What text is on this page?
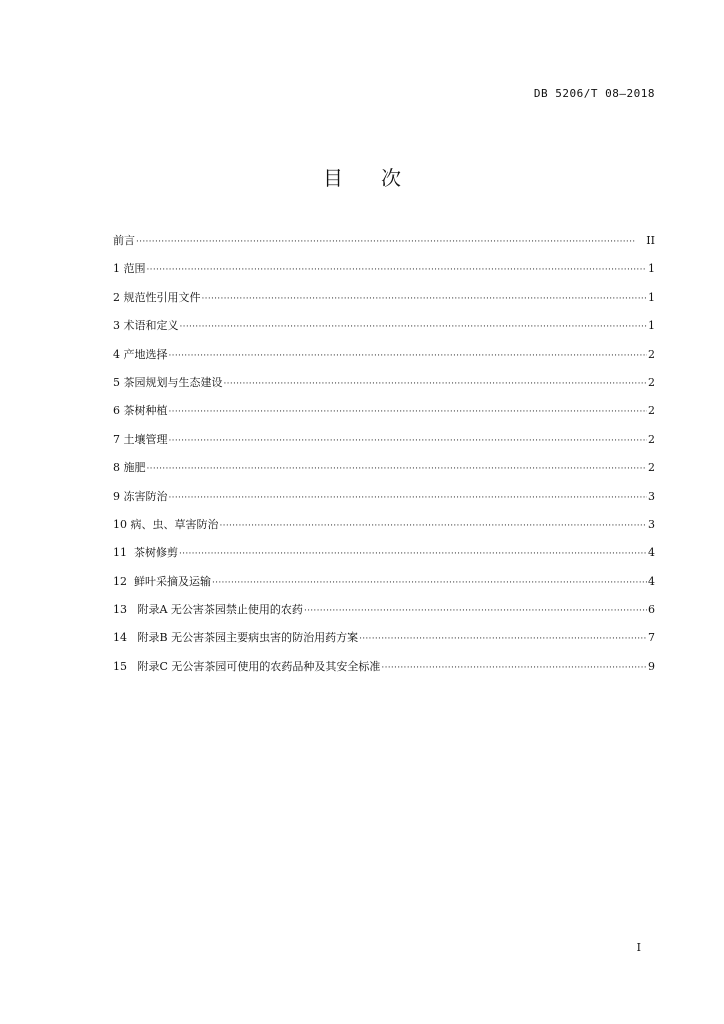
DB 5206/T 08—2018
目次
前言 ·····	II
1 范围 ·····	1
2 规范性引用文件 ·····	1
3 术语和定义 ·····	1
4 产地选择 ·····	2
5 茶园规划与生态建设 ·····	2
6 茶树种植 ·····	2
7 土壤管理 ·····	2
8 施肥 ·····	2
9 冻害防治 ·····	3
10 病、虫、草害防治 ·····	3
11  茶树修剪 ·····	4
12  鲜叶采摘及运输 ·····	4
13   附录A 无公害茶园禁止使用的农药 ·····	6
14   附录B 无公害茶园主要病虫害的防治用药方案 ·····	7
15   附录C 无公害茶园可使用的农药品种及其安全标准 ·····	9
I
